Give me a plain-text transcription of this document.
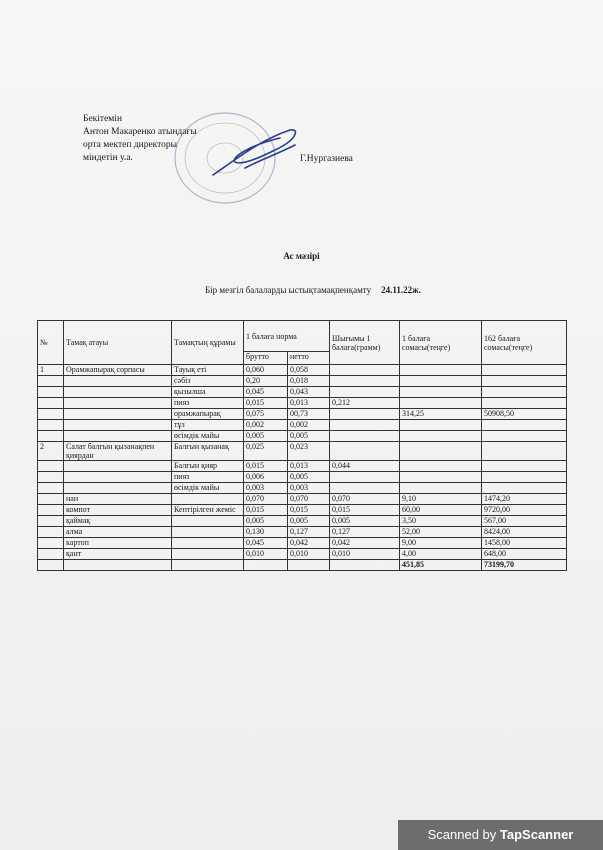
Бекітемін
Антон Макаренко атындағы
орта мектеп директоры
міндетін у.а.	Г.Нургазиева
Ас мәзірі
Бір мезгіл балаларды ыстықтамақпенқамту 24.11.22ж.
№	Тамақ атауы	Тамақтың құрамы	1 балаға норма		Шығымы 1 балаға(грамм)	1 балаға сомасы(теңге)	162 балаға сомасы(теңге)
			брутто	нетто			
1	Орамжапырақ сорпасы	Тауық еті	0,060	0,058			
		сәбіз	0,20	0,018			
		қызылша	0,045	0,043			
		пияз	0,015	0,013	0,212		
		орамжапырақ	0,075	00,73		314,25	50908,50
		тұз	0,002	0,002			
		өсімдік майы	0,005	0,005			
2	Салат балғын қызанақпен қиярдан	Балғын қызанақ	0,025	0,023			
		Балғын қияр	0,015	0,013	0,044		
		пияз	0,006	0,005			
		өсімдік майы	0,003	0,003			
	нан		0,070	0,070	0,070	9,10	1474,20
	компот	Кептірілген жеміс	0,015	0,015	0,015	60,00	9720,00
	қаймақ		0,005	0,005	0,005	3,50	567,00
	алма		0,130	0,127	0,127	52,00	8424,00
	картоп		0,045	0,042	0,042	9,00	1458,00
	қант		0,010	0,010	0,010	4,00	648,00
						451,85	73199,70
Scanned by TapScanner
